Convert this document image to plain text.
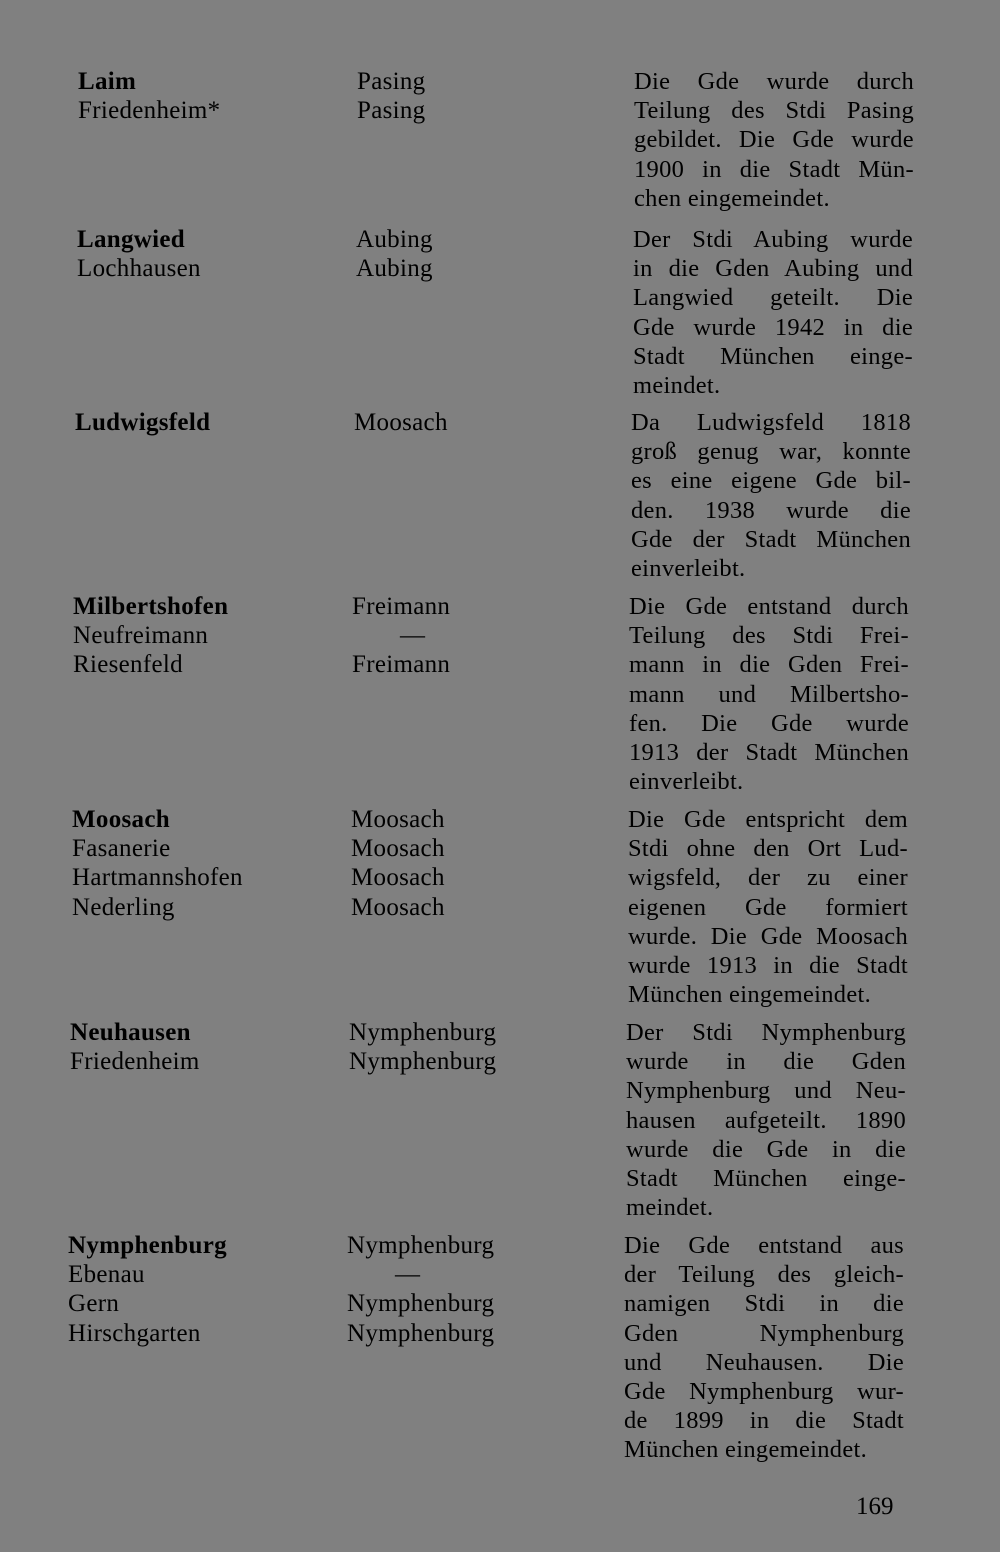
Laim
Friedenheim*
Pasing
Pasing
Die Gde wurde durch
Teilung des Stdi Pasing
gebildet. Die Gde wurde
1900 in die Stadt Mün-
chen eingemeindet.
Langwied
Lochhausen
Aubing
Aubing
Der Stdi Aubing wurde
in die Gden Aubing und
Langwied geteilt. Die
Gde wurde 1942 in die
Stadt München einge-
meindet.
Ludwigsfeld	Moosach	Da Ludwigsfeld 1818
groß genug war, konnte
es eine eigene Gde bil-
den. 1938 wurde die
Gde der Stadt München
einverleibt.
Milbertshofen
Neufreimann
Riesenfeld
Freimann
—
Freimann
Die Gde entstand durch
Teilung des Stdi Frei-
mann in die Gden Frei-
mann und Milbertsho-
fen. Die Gde wurde
1913 der Stadt München
einverleibt.
Moosach
Fasanerie
Hartmannshofen
Nederling
Moosach
Moosach
Moosach
Moosach
Die Gde entspricht dem
Stdi ohne den Ort Lud-
wigsfeld, der zu einer
eigenen Gde formiert
wurde. Die Gde Moosach
wurde 1913 in die Stadt
München eingemeindet.
Neuhausen
Friedenheim
Nymphenburg
Nymphenburg
Der Stdi Nymphenburg
wurde in die Gden
Nymphenburg und Neu-
hausen aufgeteilt. 1890
wurde die Gde in die
Stadt München einge-
meindet.
Nymphenburg
Ebenau
Gern
Hirschgarten
Nymphenburg
—
Nymphenburg
Nymphenburg
Die Gde entstand aus
der Teilung des gleich-
namigen Stdi in die
Gden Nymphenburg
und Neuhausen. Die
Gde Nymphenburg wur-
de 1899 in die Stadt
München eingemeindet.
169
